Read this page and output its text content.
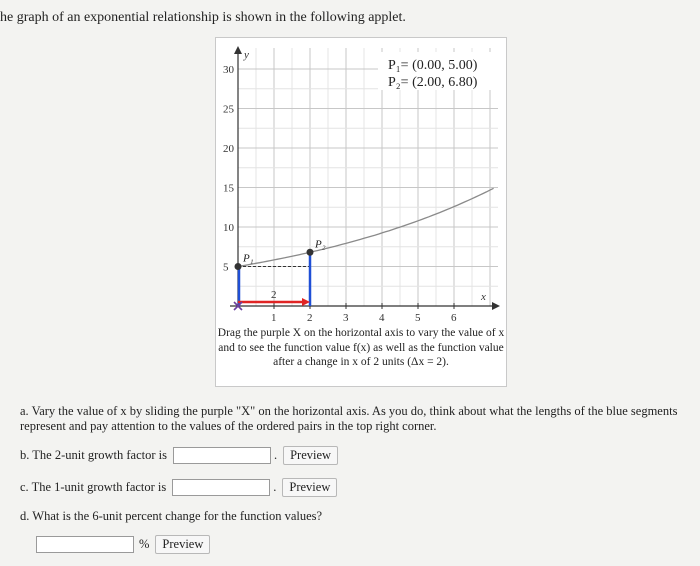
he graph of an exponential relationship is shown in the following applet.
y
x
30
25
20
15
10
5
1	2	3	4	5	6
P₁= (0.00, 5.00)
P₂= (2.00, 6.80)
2
P₁
P₂
Drag the purple X on the horizontal axis to vary the value of x and to see the function value f(x) as well as the function value after a change in x of 2 units (Δx = 2).
a. Vary the value of x by sliding the purple "X" on the horizontal axis. As you do, think about what the lengths of the blue segments represent and pay attention to the values of the ordered pairs in the top right corner.
b. The 2-unit growth factor is	.	Preview
c. The 1-unit growth factor is	.	Preview
d. What is the 6-unit percent change for the function values?
%	Preview
